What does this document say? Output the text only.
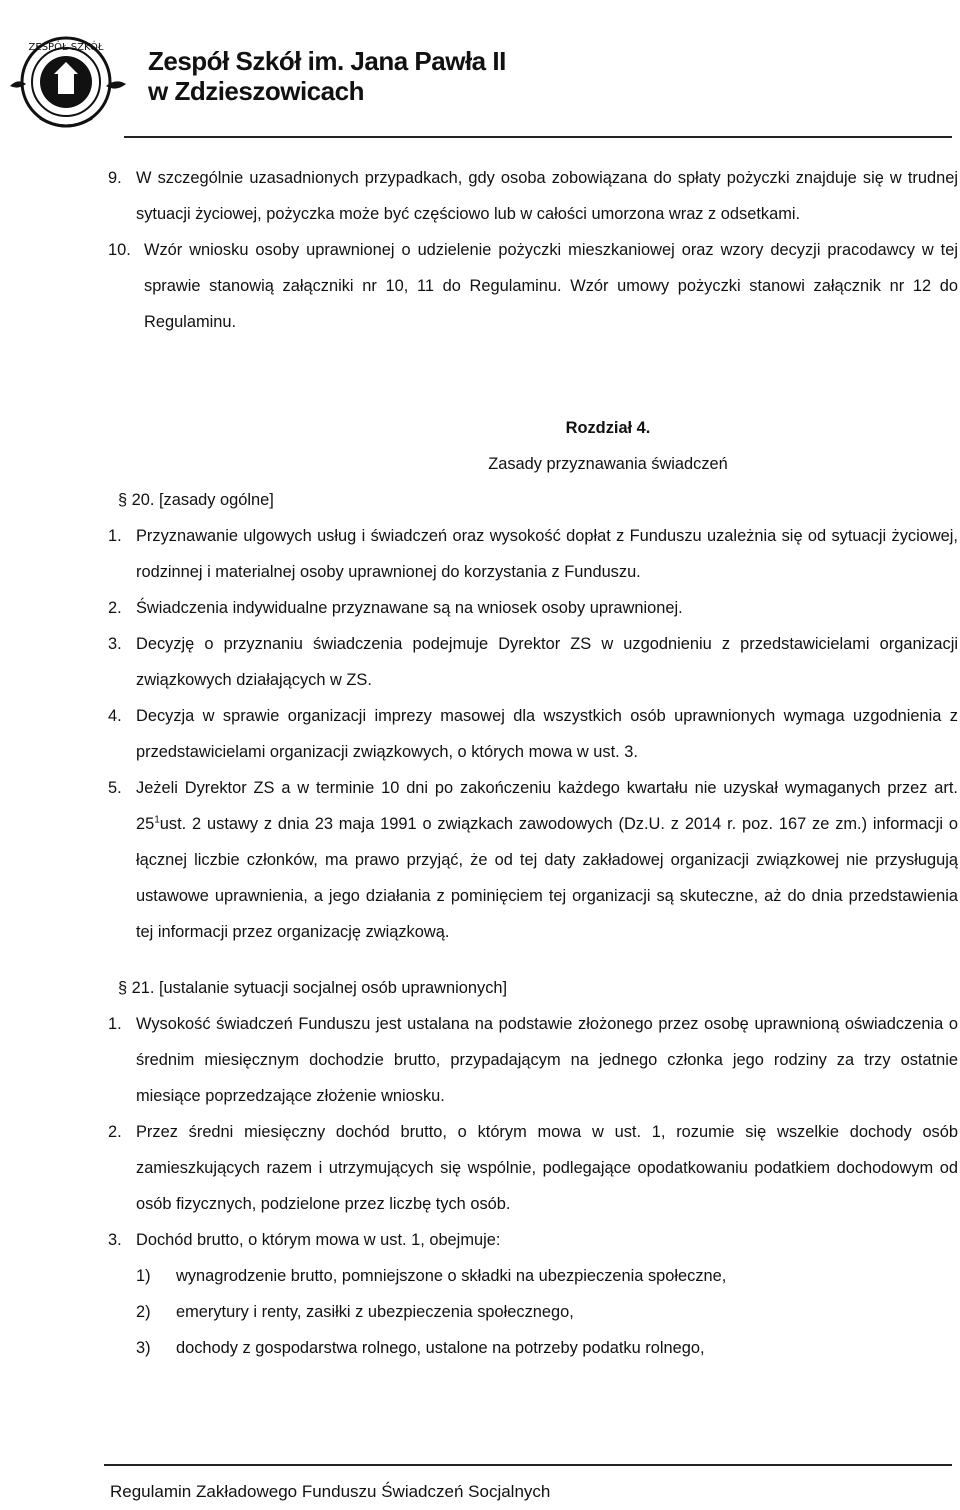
ZESPÓŁ SZKÓŁ Zespół Szkół im. Jana Pawła II
w Zdzieszowicach
9. W szczególnie uzasadnionych przypadkach, gdy osoba zobowiązana do spłaty pożyczki znajduje się w trudnej sytuacji życiowej, pożyczka może być częściowo lub w całości umorzona wraz z odsetkami.
10. Wzór wniosku osoby uprawnionej o udzielenie pożyczki mieszkaniowej oraz wzory decyzji pracodawcy w tej sprawie stanowią załączniki nr 10, 11 do Regulaminu. Wzór umowy pożyczki stanowi załącznik nr 12 do Regulaminu.
Rozdział 4.
Zasady przyznawania świadczeń
§ 20. [zasady ogólne]
1. Przyznawanie ulgowych usług i świadczeń oraz wysokość dopłat z Funduszu uzależnia się od sytuacji życiowej, rodzinnej i materialnej osoby uprawnionej do korzystania z Funduszu.
2. Świadczenia indywidualne przyznawane są na wniosek osoby uprawnionej.
3. Decyzję o przyznaniu świadczenia podejmuje Dyrektor ZS w uzgodnieniu z przedstawicielami organizacji związkowych działających w ZS.
4. Decyzja w sprawie organizacji imprezy masowej dla wszystkich osób uprawnionych wymaga uzgodnienia z przedstawicielami organizacji związkowych, o których mowa w ust. 3.
5. Jeżeli Dyrektor ZS a w terminie 10 dni po zakończeniu każdego kwartału nie uzyskał wymaganych przez art. $25^1ust$. 2 ustawy z dnia 23 maja 1991 o związkach zawodowych (Dz.U. z 2014 r. poz. 167 ze zm.) informacji o łącznej liczbie członków, ma prawo przyjąć, że od tej daty zakładowej organizacji związkowej nie przysługują ustawowe uprawnienia, a jego działania z pominięciem tej organizacji są skuteczne, aż do dnia przedstawienia tej informacji przez organizację związkową.
§ 21. [ustalanie sytuacji socjalnej osób uprawnionych]
1. Wysokość świadczeń Funduszu jest ustalana na podstawie złożonego przez osobę uprawnioną oświadczenia o średnim miesięcznym dochodzie brutto, przypadającym na jednego członka jego rodziny za trzy ostatnie miesiące poprzedzające złożenie wniosku.
2. Przez średni miesięczny dochód brutto, o którym mowa w ust. 1, rozumie się wszelkie dochody osób zamieszkujących razem i utrzymujących się wspólnie, podlegające opodatkowaniu podatkiem dochodowym od osób fizycznych, podzielone przez liczbę tych osób.
3. Dochód brutto, o którym mowa w ust. 1, obejmuje:
1) wynagrodzenie brutto, pomniejszone o składki na ubezpieczenia społeczne,
2) emerytury i renty, zasiłki z ubezpieczenia społecznego,
3) dochody z gospodarstwa rolnego, ustalone na potrzeby podatku rolnego,
Regulamin Zakładowego Funduszu Świadczeń Socjalnych
